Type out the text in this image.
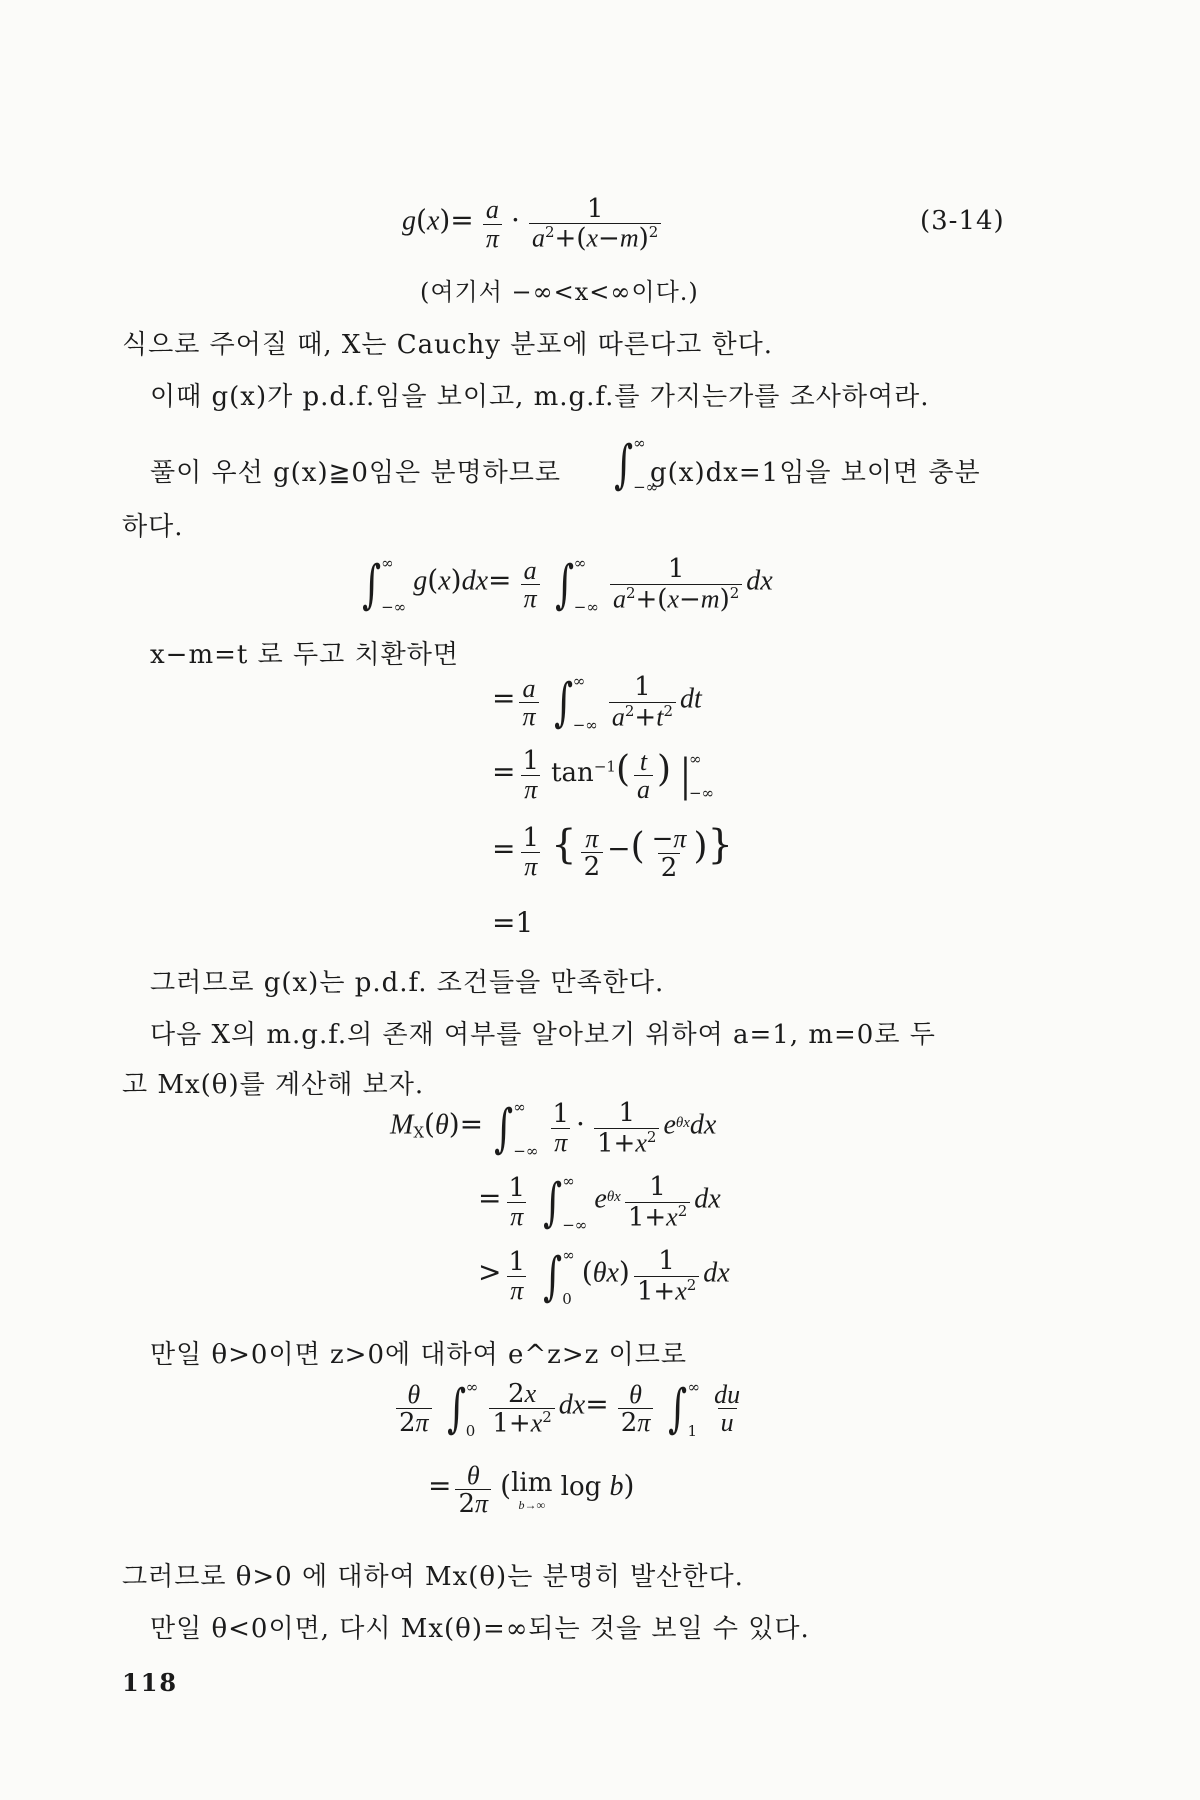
$g(x)= \frac{a}{\pi} \cdot \frac{1}{a^2+(x-m)^2}$	(3-14)
(여기서 −∞<x<∞이다.)
식으로 주어질 때, X는 Cauchy 분포에 따른다고 한다.
이때 g(x)가 p.d.f.임을 보이고, m.g.f.를 가지는가를 조사하여라.
풀이 우선 g(x)≧0임은 분명하므로 ∫ ∞
−∞
g(x)dx=1임을 보이면 충분
하다.
∫ ∞
−∞
$g(x)dx= \frac{a}{\pi}$
∫ ∞
−∞
$\frac{1}{a^2+(x-m)^2}$ dx
x−m=t 로 두고 치환하면
= $\frac{a}{\pi}$
∫ ∞
−∞
$\frac{1}{a^2+t^2}$ dt
= $\frac{1}{\pi} \tan^{-1}( \frac{t}{a}$ ) |
∞
−∞
= $\frac{1}{\pi}$ { $\frac{\pi}{2}$ −( $\frac{-\pi}{2}$ )}
=1
그러므로 g(x)는 p.d.f. 조건들을 만족한다.
다음 X의 m.g.f.의 존재 여부를 알아보기 위하여 a=1, m=0로 두
고 Mx(θ)를 계산해 보자.
$M_X(\theta)=$ ∫ ∞
−∞
$\frac{1}{\pi} \cdot \frac{1}{1+x^2} e^{\theta x}dx$
= $\frac{1}{\pi}$
∫ ∞
−∞
$e^{\theta x} \frac{1}{1+x^2}$ dx
> $\frac{1}{\pi}$
∫ ∞
0
$(\theta x) \frac{1}{1+x^2}$ dx
만일 θ>0이면 z>0에 대하여 e^z>z 이므로
$\frac{\theta}{2\pi}$
∫ ∞
0
$\frac{2x}{1+x^2} dx= \frac{\theta}{2\pi}$
∫ ∞
1
$\frac{du}{u}$
= $\frac{\theta}{2\pi}$ ( lim
b→∞
log b)
그러므로 θ>0 에 대하여 Mx(θ)는 분명히 발산한다.
만일 θ<0이면, 다시 Mx(θ)=∞되는 것을 보일 수 있다.
118
